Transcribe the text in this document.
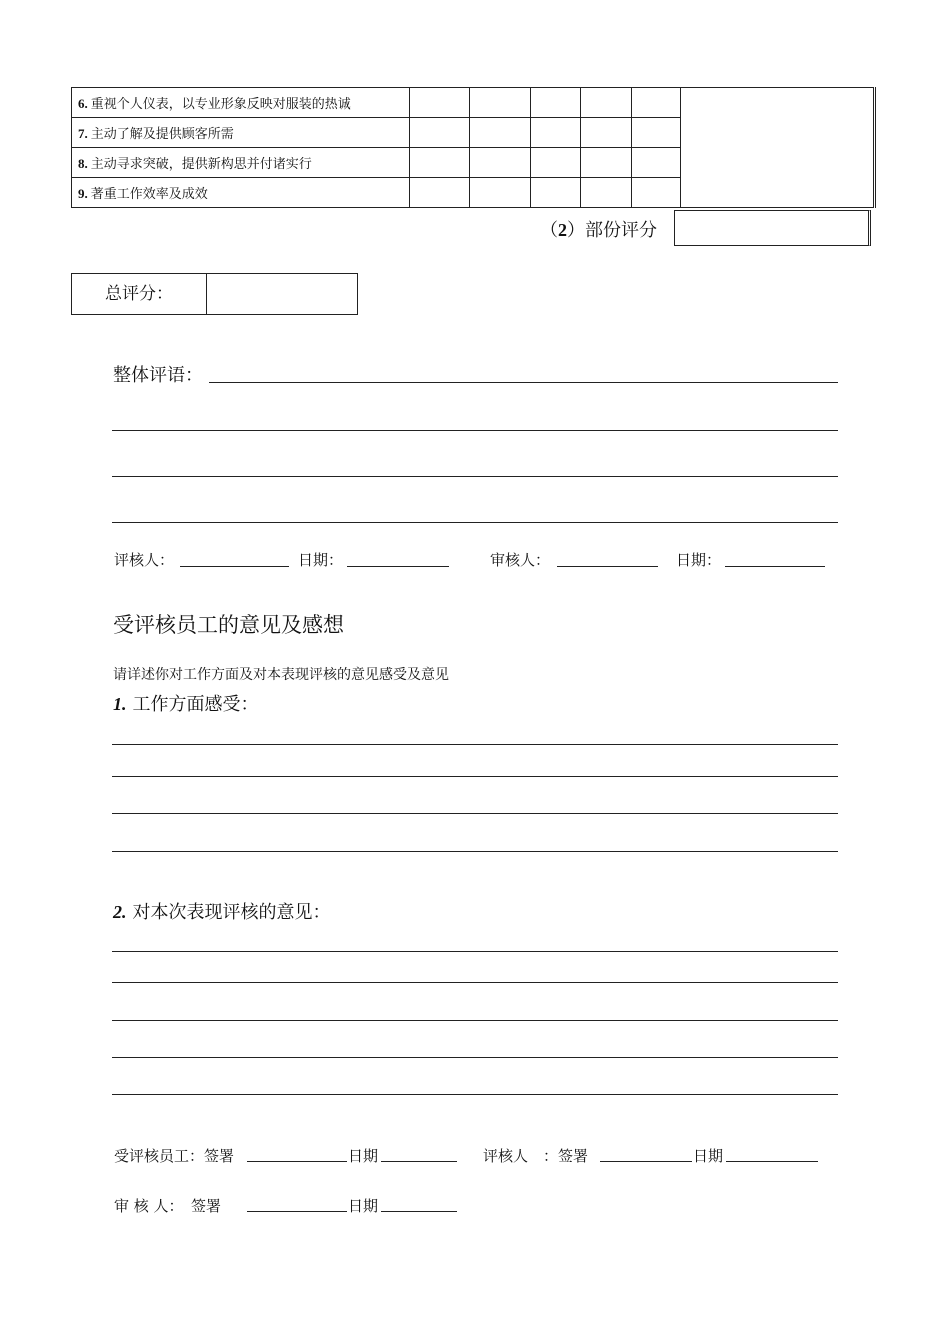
6. 重视个人仪表，以专业形象反映对服装的热诚						
7. 主动了解及提供顾客所需						
8. 主动寻求突破，提供新构思并付诸实行						
9. 著重工作效率及成效						
（2）部份评分
总评分：
整体评语：
评核人：	日期：	审核人：	日期：
受评核员工的意见及感想
请详述你对工作方面及对本表现评核的意见感受及意见
1. 工作方面感受：
2. 对本次表现评核的意见：
受评核员工：签署	日期	评核人　：签署	日期
审 核 人：　签署	日期
